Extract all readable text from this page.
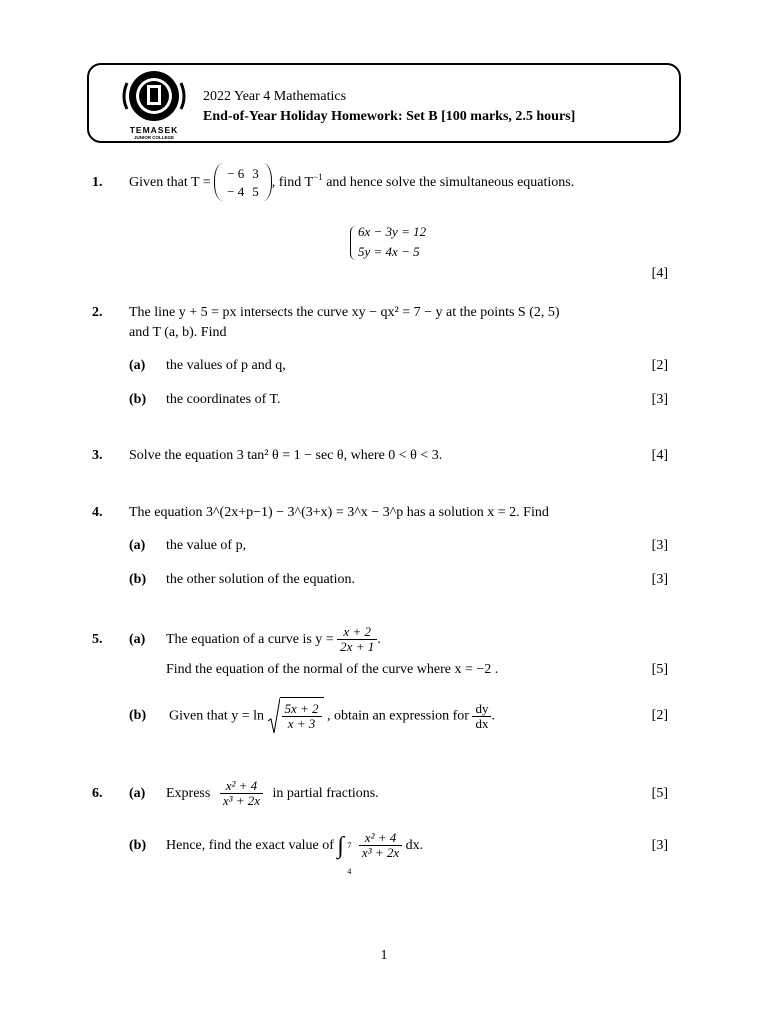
TEMASEK
JUNIOR COLLEGE
2022 Year 4 Mathematics
End-of-Year Holiday Homework: Set B [100 marks, 2.5 hours]
1. Given that T =
− 6	3
− 4	5
, find $T^{-1}$ and hence solve the simultaneous equations.
6x − 3y = 12
5y = 4x − 5
[4]
2. The line y + 5 = px intersects the curve xy − qx² = 7 − y at the points S (2, 5)
and T (a, b). Find
(a) the values of p and q,	[2]
(b) the coordinates of T.	[3]
3. Solve the equation 3 tan² θ = 1 − sec θ, where 0 < θ < 3.	[4]
4. The equation 3^(2x+p−1) − 3^(3+x) = 3^x − 3^p has a solution x = 2. Find
(a) the value of p,	[3]
(b) the other solution of the equation.	[3]
5. (a) The equation of a curve is $y = \frac{x + 2}{2x + 1}$ .
Find the equation of the normal of the curve where x = −2 .	[5]
(b) Given that $y = \ln \frac{5x + 2}{x + 3}$ , obtain an expression for $\frac{dy}{dx}$ .	[2]
6. (a) Express $\frac{\text{x² + 4}}{\text{x³ + 2x}}$ in partial fractions.	[5]
(b) Hence, find the exact value of ∫ 7
4

$\frac{\text{x² + 4}}{\text{x³ + 2x}}$ dx.	[3]
1
